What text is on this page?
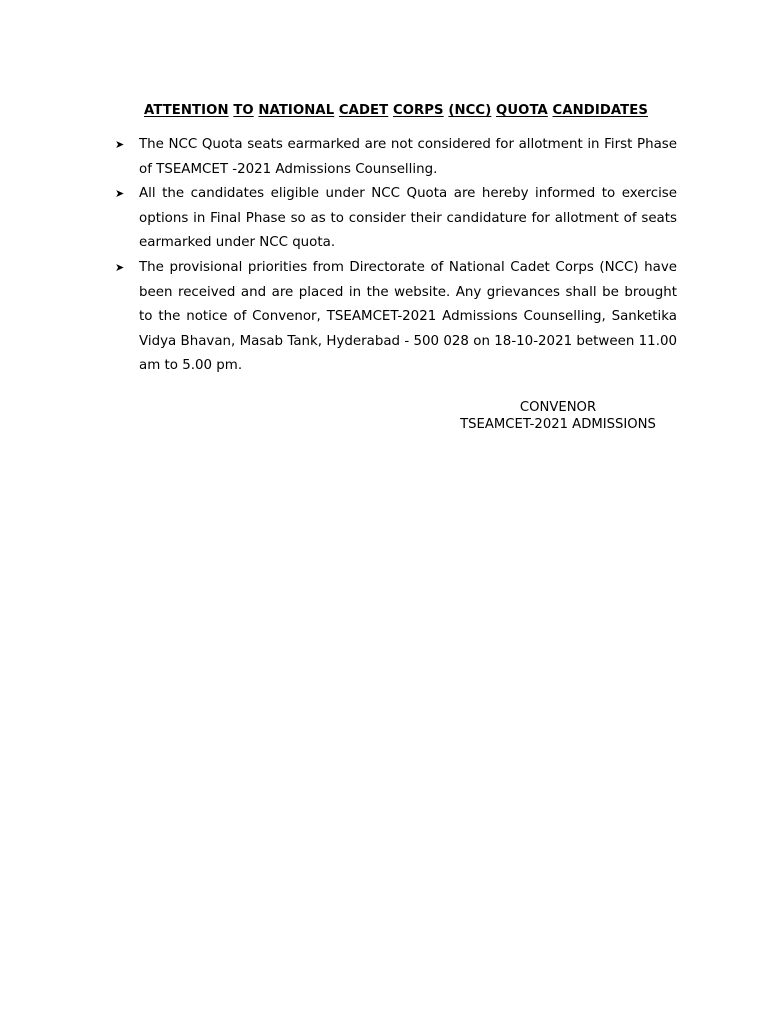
ATTENTION TO NATIONAL CADET CORPS (NCC) QUOTA CANDIDATES
➤ The NCC Quota seats earmarked are not considered for allotment in First Phase of TSEAMCET -2021 Admissions Counselling.
➤ All the candidates eligible under NCC Quota are hereby informed to exercise options in Final Phase so as to consider their candidature for allotment of seats earmarked under NCC quota.
➤ The provisional priorities from Directorate of National Cadet Corps (NCC) have been received and are placed in the website. Any grievances shall be brought to the notice of Convenor, TSEAMCET-2021 Admissions Counselling, Sanketika Vidya Bhavan, Masab Tank, Hyderabad - 500 028 on 18-10-2021 between 11.00 am to 5.00 pm.
CONVENOR
TSEAMCET-2021 ADMISSIONS
